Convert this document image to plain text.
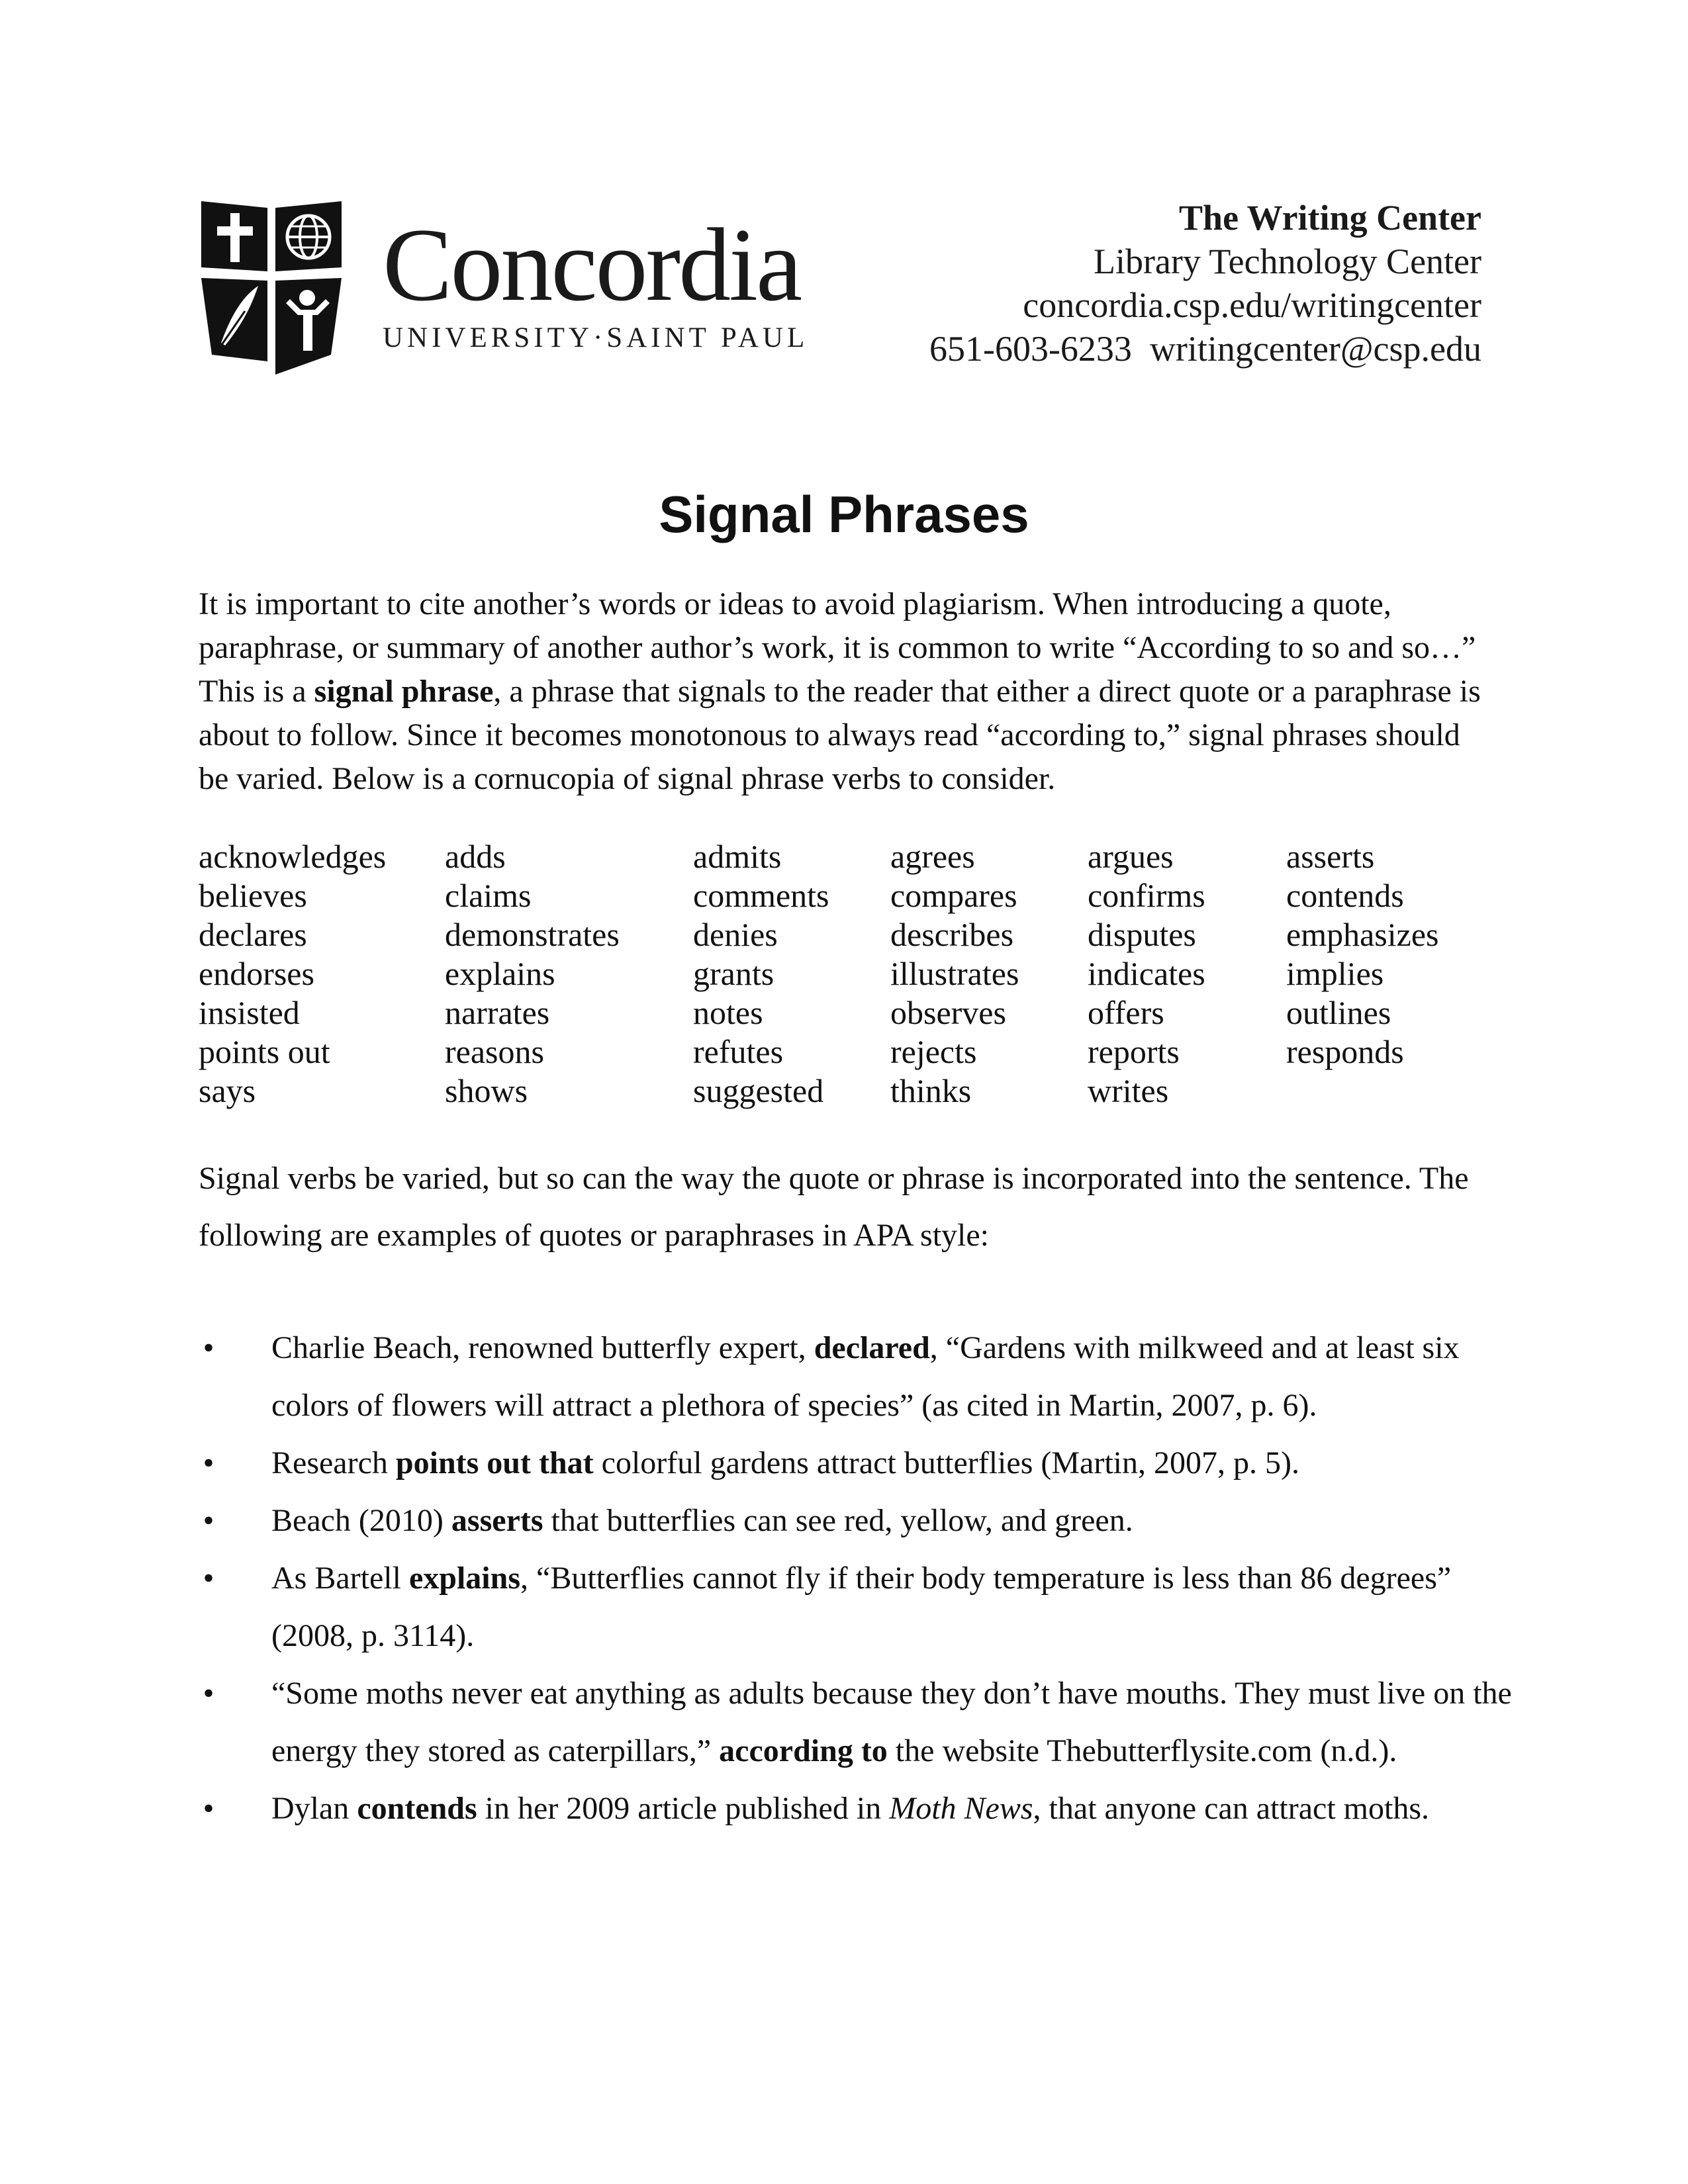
Concordia
UNIVERSITY·SAINT PAUL
The Writing Center
Library Technology Center
concordia.csp.edu/writingcenter
651-603-6233 writingcenter@csp.edu
Signal Phrases

It is important to cite another’s words or ideas to avoid plagiarism. When introducing a quote, paraphrase, or summary of another author’s work, it is common to write “According to so and so…” This is a signal phrase, a phrase that signals to the reader that either a direct quote or a paraphrase is about to follow. Since it becomes monotonous to always read “according to,” signal phrases should be varied. Below is a cornucopia of signal phrase verbs to consider.

acknowledges	adds	admits	agrees	argues	asserts
believes	claims	comments	compares	confirms	contends
declares	demonstrates	denies	describes	disputes	emphasizes
endorses	explains	grants	illustrates	indicates	implies
insisted	narrates	notes	observes	offers	outlines
points out	reasons	refutes	rejects	reports	responds
says	shows	suggested	thinks	writes	
Signal verbs be varied, but so can the way the quote or phrase is incorporated into the sentence. The following are examples of quotes or paraphrases in APA style:
• Charlie Beach, renowned butterfly expert, declared, “Gardens with milkweed and at least six colors of flowers will attract a plethora of species” (as cited in Martin, 2007, p. 6).
• Research points out that colorful gardens attract butterflies (Martin, 2007, p. 5).
• Beach (2010) asserts that butterflies can see red, yellow, and green.
• As Bartell explains, “Butterflies cannot fly if their body temperature is less than 86 degrees” (2008, p. 3114).
• “Some moths never eat anything as adults because they don’t have mouths. They must live on the energy they stored as caterpillars,” according to the website Thebutterflysite.com (n.d.).
• Dylan contends in her 2009 article published in Moth News, that anyone can attract moths.
